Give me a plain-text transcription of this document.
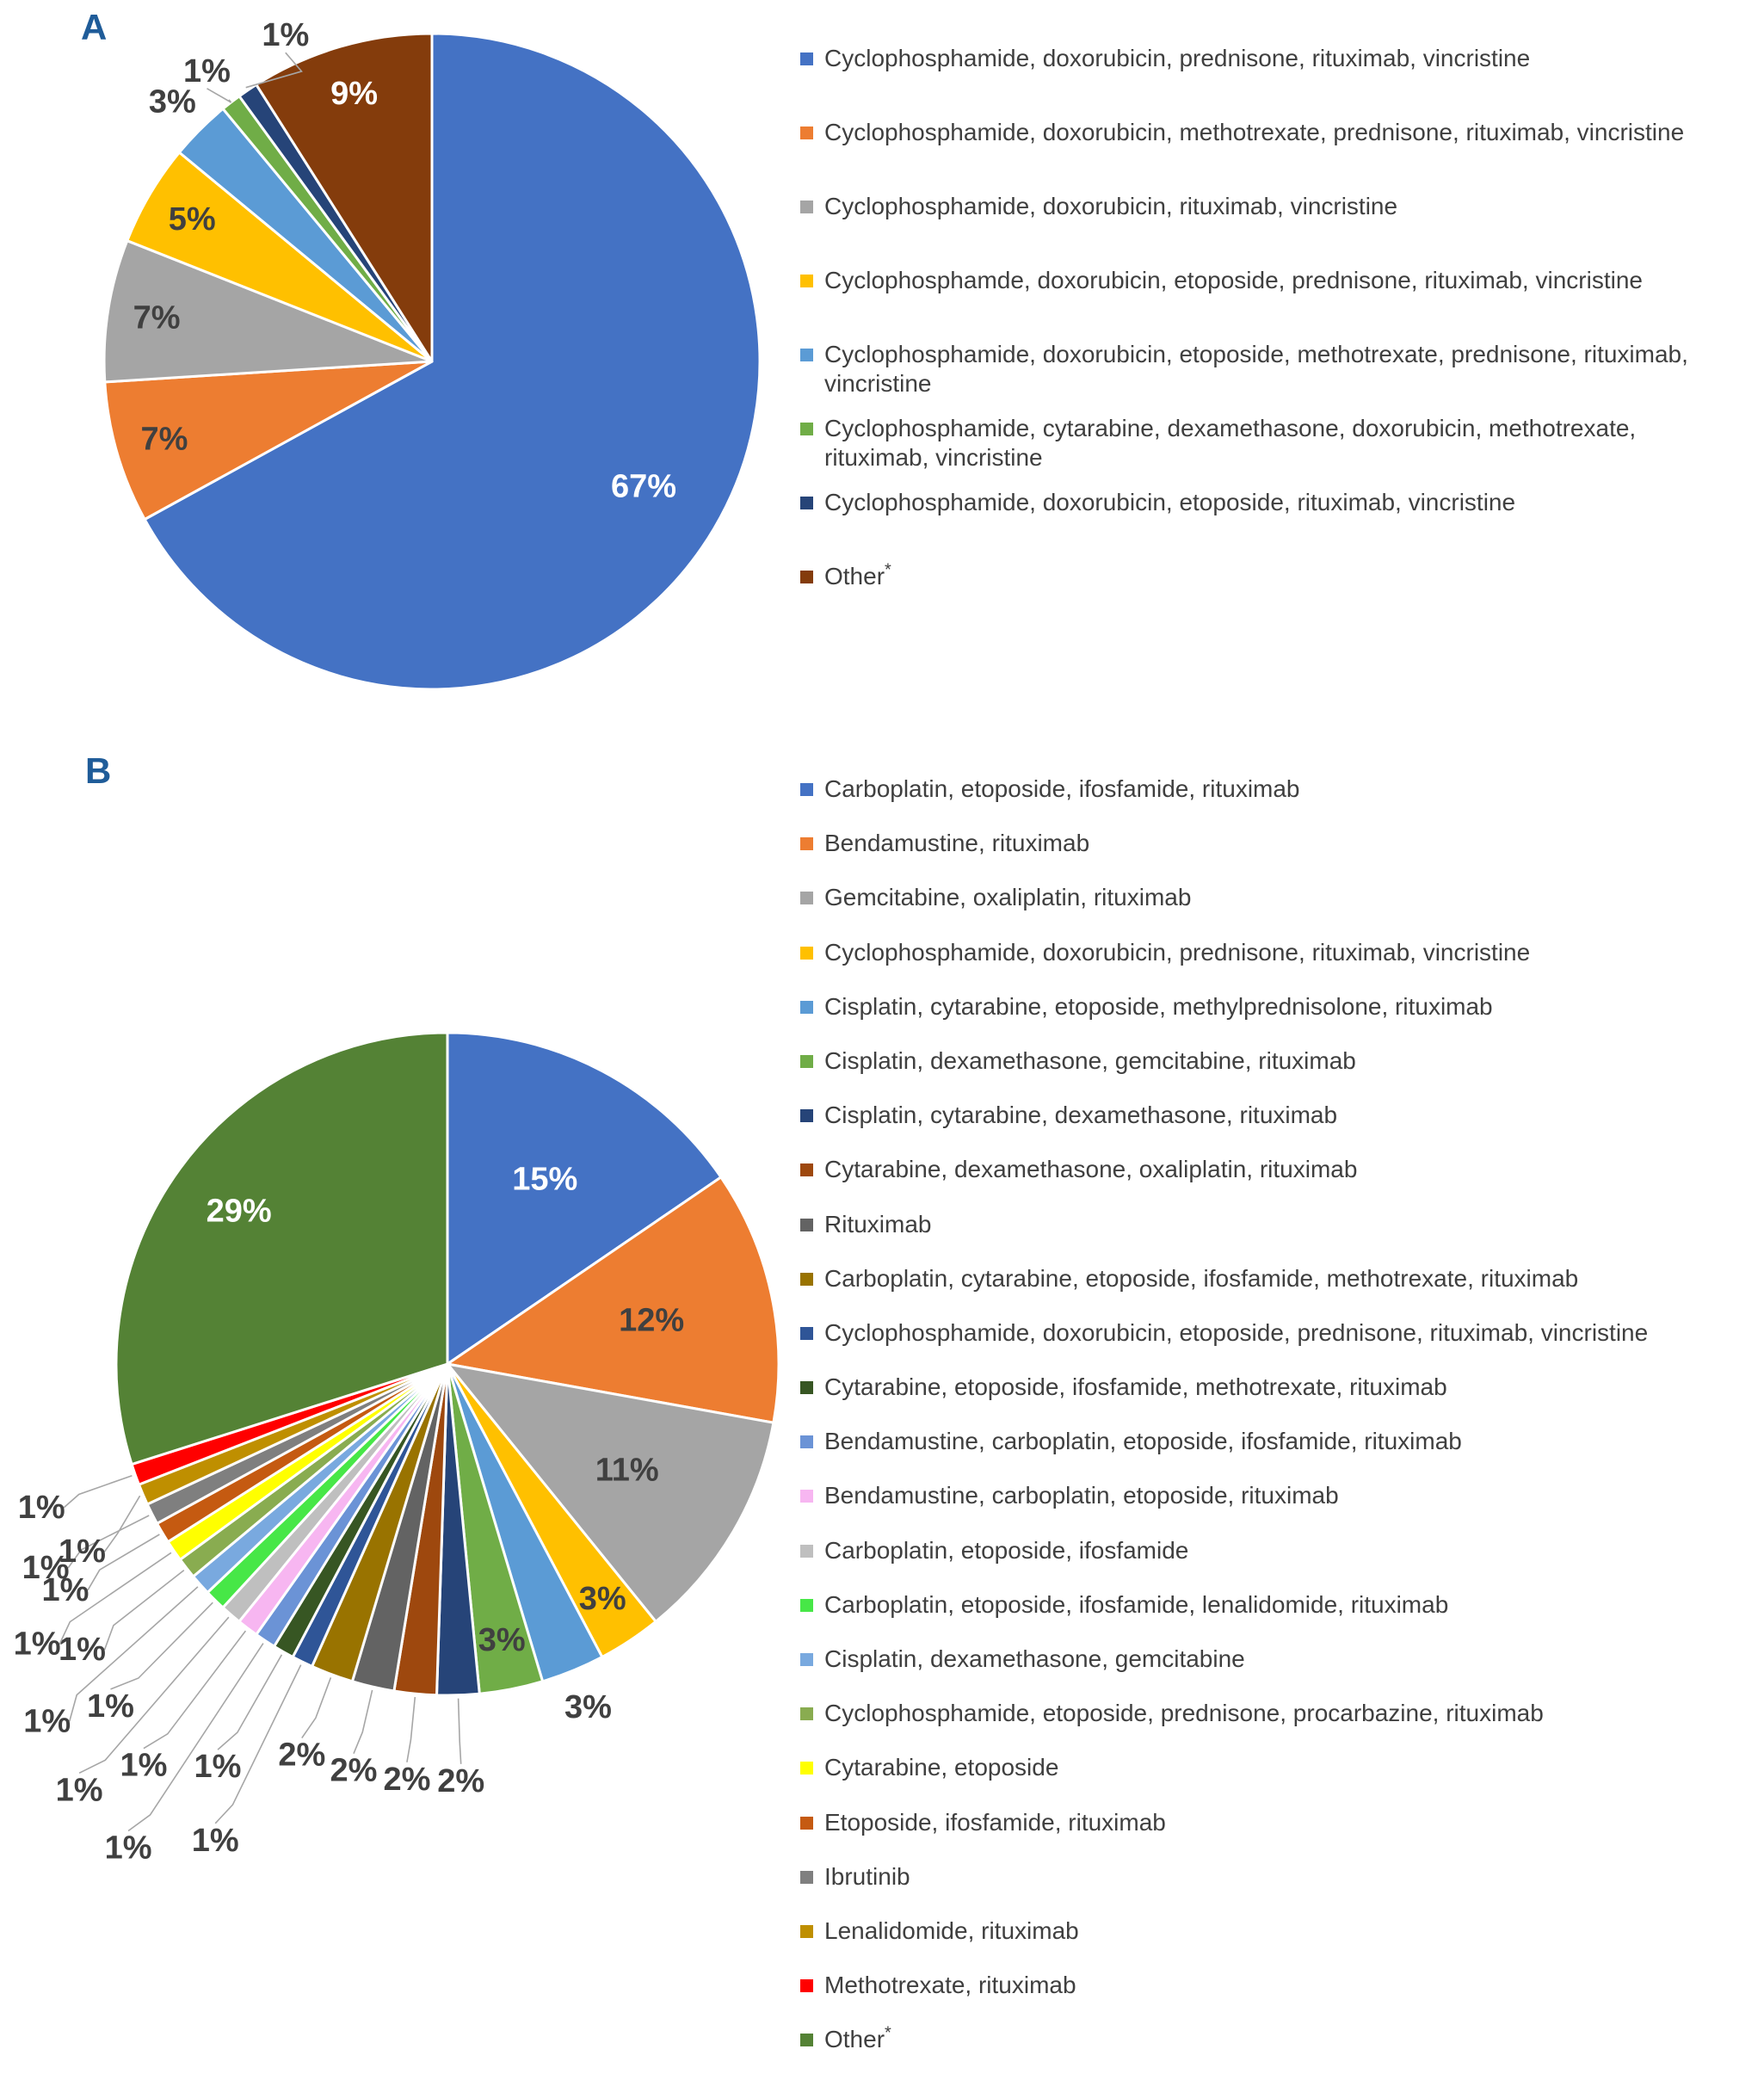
A
67%
7%
7%
5%
3%
1%
1%
9%
Cyclophosphamide, doxorubicin, prednisone, rituximab, vincristine
Cyclophosphamide, doxorubicin, methotrexate, prednisone, rituximab, vincristine
Cyclophosphamide, doxorubicin, rituximab, vincristine
Cyclophosphamde, doxorubicin, etoposide, prednisone, rituximab, vincristine
Cyclophosphamide, doxorubicin, etoposide, methotrexate, prednisone, rituximab, vincristine
Cyclophosphamide, cytarabine, dexamethasone, doxorubicin, methotrexate, rituximab, vincristine
Cyclophosphamide, doxorubicin, etoposide, rituximab, vincristine
Other*
B
15%
12%
11%
3%
3%
3%
2%
2%
2%
2%
1%
1%
1%
1%
1%
1%
1%
1%
1%
1%
1%
1%
1%
29%
Carboplatin, etoposide, ifosfamide, rituximab
Bendamustine, rituximab
Gemcitabine, oxaliplatin, rituximab
Cyclophosphamide, doxorubicin, prednisone, rituximab, vincristine
Cisplatin, cytarabine, etoposide, methylprednisolone, rituximab
Cisplatin, dexamethasone, gemcitabine, rituximab
Cisplatin, cytarabine, dexamethasone, rituximab
Cytarabine, dexamethasone, oxaliplatin, rituximab
Rituximab
Carboplatin, cytarabine, etoposide, ifosfamide, methotrexate, rituximab
Cyclophosphamide, doxorubicin, etoposide, prednisone, rituximab, vincristine
Cytarabine, etoposide, ifosfamide, methotrexate, rituximab
Bendamustine, carboplatin, etoposide, ifosfamide, rituximab
Bendamustine, carboplatin, etoposide, rituximab
Carboplatin, etoposide, ifosfamide
Carboplatin, etoposide, ifosfamide, lenalidomide, rituximab
Cisplatin, dexamethasone, gemcitabine
Cyclophosphamide, etoposide, prednisone, procarbazine, rituximab
Cytarabine, etoposide
Etoposide, ifosfamide, rituximab
Ibrutinib
Lenalidomide, rituximab
Methotrexate, rituximab
Other*
